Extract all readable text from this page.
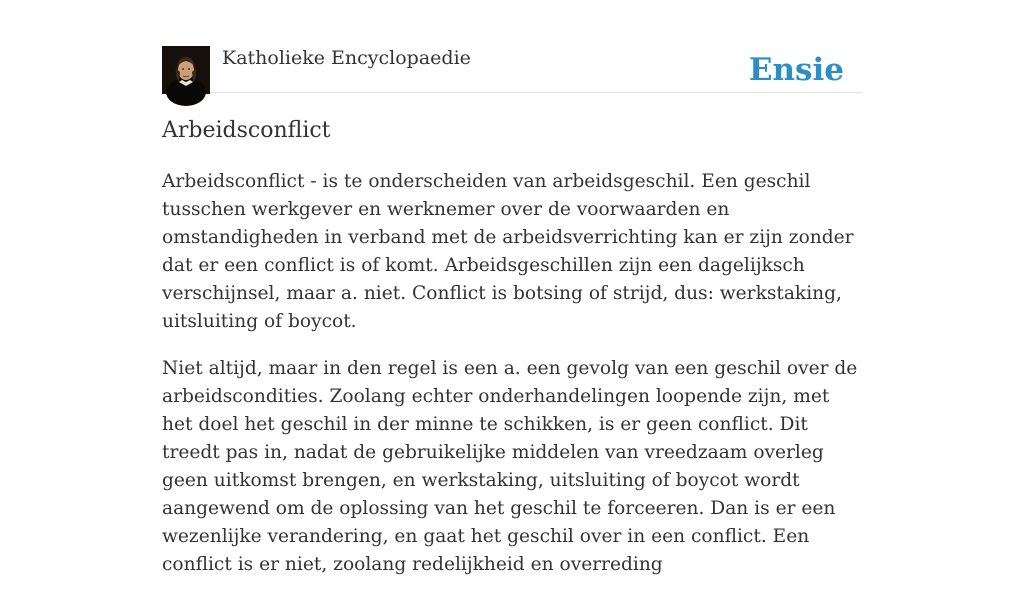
Katholieke Encyclopaedie	Ensie
Arbeidsconflict

Arbeidsconflict - is te onderscheiden van arbeidsgeschil. Een geschil tusschen werkgever en werknemer over de voorwaarden en omstandigheden in verband met de arbeidsverrichting kan er zijn zonder dat er een conflict is of komt. Arbeidsgeschillen zijn een dagelijksch verschijnsel, maar a. niet. Conflict is botsing of strijd, dus: werkstaking, uitsluiting of boycot.

Niet altijd, maar in den regel is een a. een gevolg van een geschil over de arbeidscondities. Zoolang echter onderhandelingen loopende zijn, met het doel het geschil in der minne te schikken, is er geen conflict. Dit treedt pas in, nadat de gebruikelijke middelen van vreedzaam overleg geen uitkomst brengen, en werkstaking, uitsluiting of boycot wordt aangewend om de oplossing van het geschil te forceeren. Dan is er een wezenlijke verandering, en gaat het geschil over in een conflict. Een conflict is er niet, zoolang redelijkheid en overreding
